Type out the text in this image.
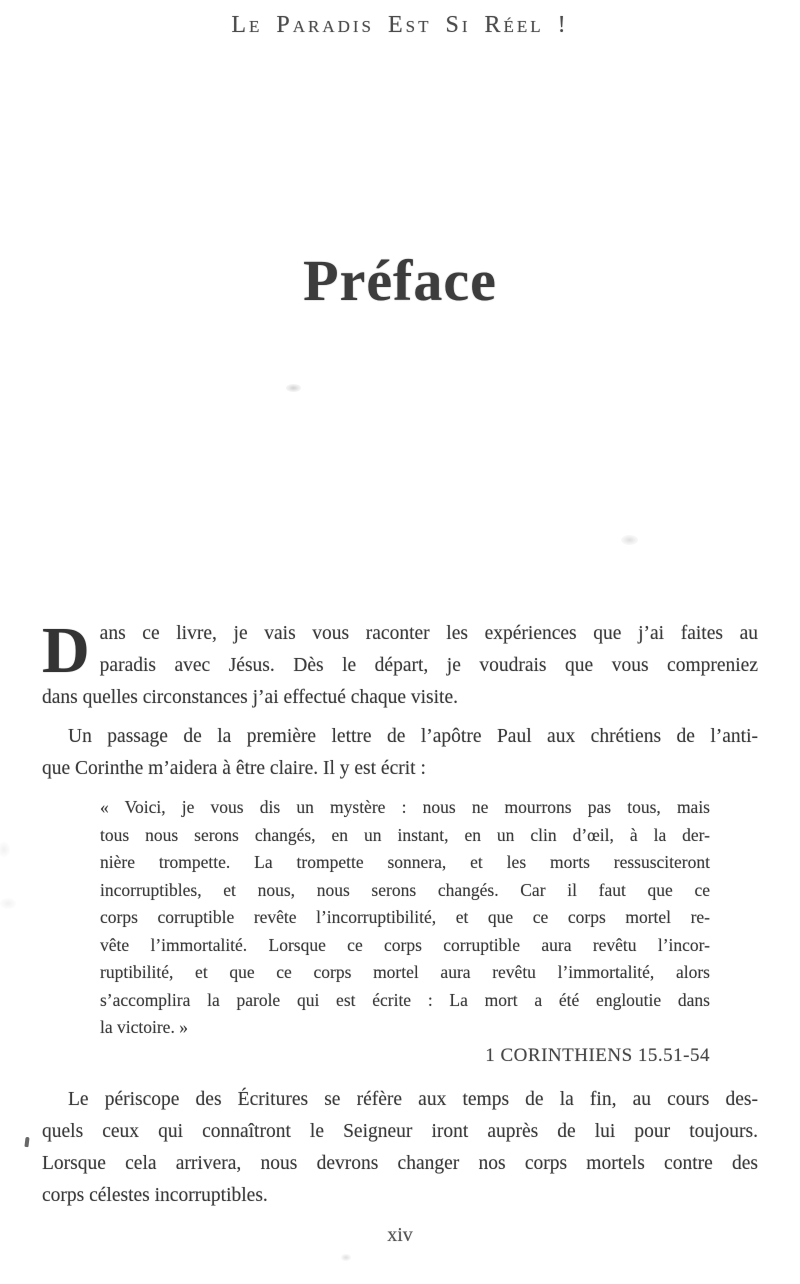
Le Paradis Est Si Réel !
Préface
D ans ce livre, je vais vous raconter les expériences que j’ai faites au
paradis avec Jésus. Dès le départ, je voudrais que vous compreniez
dans quelles circonstances j’ai effectué chaque visite.
Un passage de la première lettre de l’apôtre Paul aux chrétiens de l’anti-
que Corinthe m’aidera à être claire. Il y est écrit :
« Voici, je vous dis un mystère : nous ne mourrons pas tous, mais
tous nous serons changés, en un instant, en un clin d’œil, à la der-
nière trompette. La trompette sonnera, et les morts ressusciteront
incorruptibles, et nous, nous serons changés. Car il faut que ce
corps corruptible revête l’incorruptibilité, et que ce corps mortel re-
vête l’immortalité. Lorsque ce corps corruptible aura revêtu l’incor-
ruptibilité, et que ce corps mortel aura revêtu l’immortalité, alors
s’accomplira la parole qui est écrite : La mort a été engloutie dans
la victoire. »
1 CORINTHIENS 15.51-54
Le périscope des Écritures se réfère aux temps de la fin, au cours des-
quels ceux qui connaîtront le Seigneur iront auprès de lui pour toujours.
Lorsque cela arrivera, nous devrons changer nos corps mortels contre des
corps célestes incorruptibles.
xiv
